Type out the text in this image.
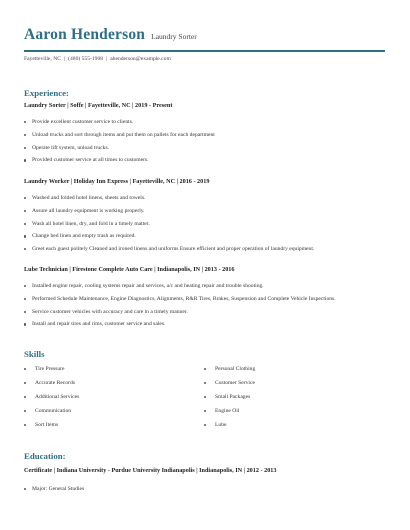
Aaron Henderson Laundry Sorter
Fayetteville, NC | (480) 555-1908 | ahenderson@example.com
Experience:
Laundry Sorter | Soffe | Fayetteville, NC | 2019 - Present
Provide excellent customer service to clients.
Unload trucks and sort through items and put them on pallets for each department
Operate lift system, unload trucks.
Provided customer service at all times to customers.
Laundry Worker | Holiday Inn Express | Fayetteville, NC | 2016 - 2019
Washed and folded hotel linens, sheets and towels.
Assure all laundry equipment is working properly.
Wash all hotel linen, dry, and fold in a timely matter.
Change bed linen and empty trash as required.
Greet each guest politely Cleaned and ironed linens and uniforms Ensure efficient and proper operation of laundry equipment.
Lube Technician | Firestone Complete Auto Care | Indianapolis, IN | 2013 - 2016
Installed engine repair, cooling systems repair and services, a/c and heating repair and trouble shooting.
Performed Schedule Maintenance, Engine Diagnostics, Alignments, R&R Tires, Brakes, Suspension and Complete Vehicle Inspections.
Service customer vehicles with accuracy and care in a timely manner.
Install and repair tires and rims, customer service and sales.
Skills
Tire Pressure	Personal Clothing
Accurate Records	Customer Service
Additional Services	Small Packages
Communication	Engine Oil
Sort Items	Lube
Education:
Certificate | Indiana University - Purdue University Indianapolis | Indianapolis, IN | 2012 - 2013
Major: General Studies
